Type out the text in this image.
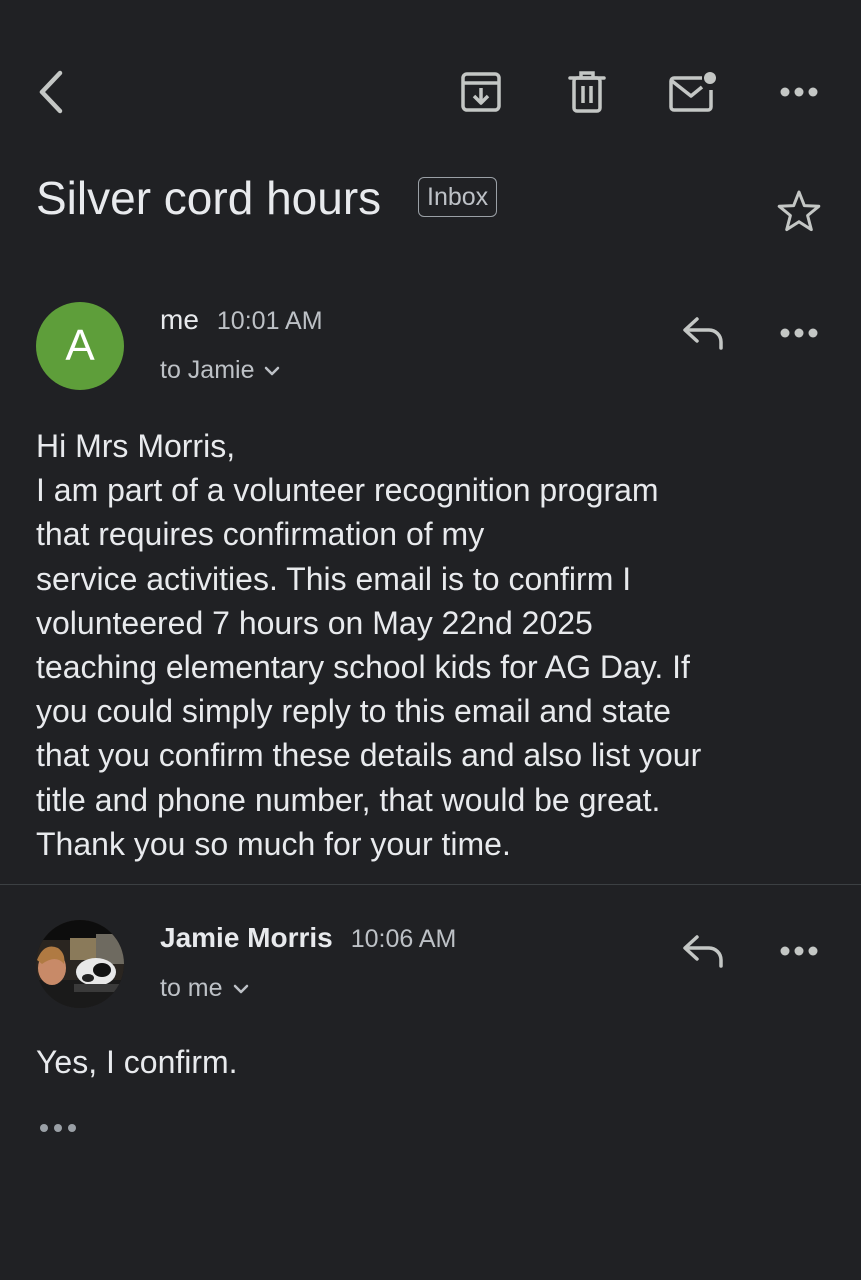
Silver cord hours	Inbox
A
me 10:01 AM
to Jamie
Hi Mrs Morris,
I am part of a volunteer recognition program
that requires confirmation of my
service activities. This email is to confirm I
volunteered 7 hours on May 22nd 2025
teaching elementary school kids for AG Day. If
you could simply reply to this email and state
that you confirm these details and also list your
title and phone number, that would be great.
Thank you so much for your time.
Jamie Morris 10:06 AM
to me
Yes, I confirm.
